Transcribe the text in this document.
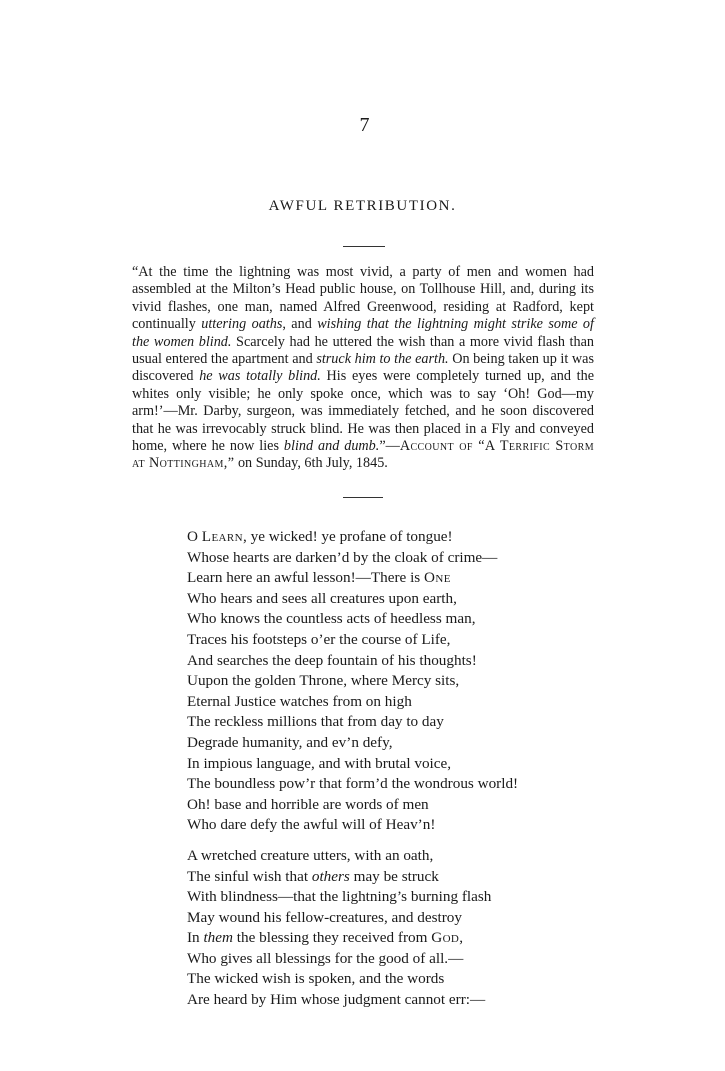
7
AWFUL RETRIBUTION.

“At the time the lightning was most vivid, a party of men and women had assembled at the Milton’s Head public house, on Tollhouse Hill, and, during its vivid flashes, one man, named Alfred Greenwood, residing at Radford, kept continually uttering oaths, and wishing that the lightning might strike some of the women blind. Scarcely had he uttered the wish than a more vivid flash than usual entered the apartment and struck him to the earth. On being taken up it was discovered he was totally blind. His eyes were completely turned up, and the whites only visible; he only spoke once, which was to say ‘Oh! God—my arm!’—Mr. Darby, surgeon, was immediately fetched, and he soon discovered that he was irrevocably struck blind. He was then placed in a Fly and conveyed home, where he now lies blind and dumb.”—Account of “A Terrific Storm at Nottingham,” on Sunday, 6th July, 1845.

O Learn, ye wicked! ye profane of tongue!
Whose hearts are darken’d by the cloak of crime—
Learn here an awful lesson!—There is One
Who hears and sees all creatures upon earth,
Who knows the countless acts of heedless man,
Traces his footsteps o’er the course of Life,
And searches the deep fountain of his thoughts!
Uupon the golden Throne, where Mercy sits,
Eternal Justice watches from on high
The reckless millions that from day to day
Degrade humanity, and ev’n defy,
In impious language, and with brutal voice,
The boundless pow’r that form’d the wondrous world!
Oh! base and horrible are words of men
Who dare defy the awful will of Heav’n!
A wretched creature utters, with an oath,
The sinful wish that others may be struck
With blindness—that the lightning’s burning flash
May wound his fellow-creatures, and destroy
In them the blessing they received from God,
Who gives all blessings for the good of all.—
The wicked wish is spoken, and the words
Are heard by Him whose judgment cannot err:—
